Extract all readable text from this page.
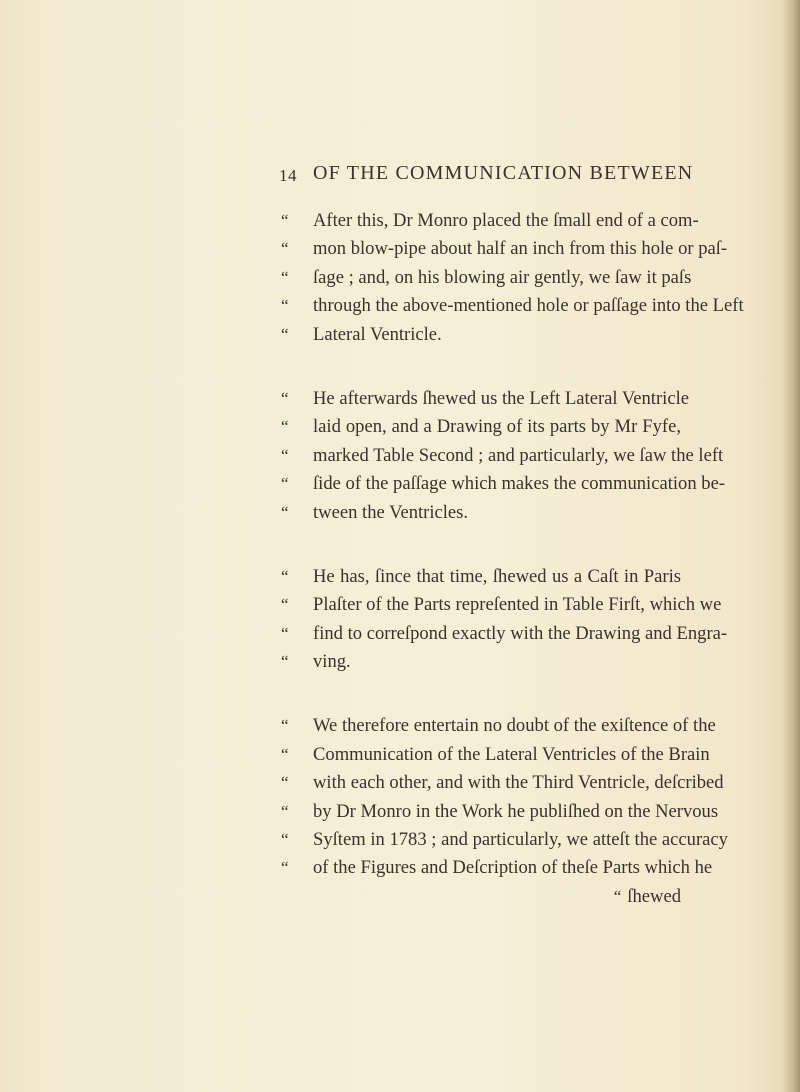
14 OF THE COMMUNICATION BETWEEN
“	After this, Dr Monro placed the ſmall end of a com-
“	mon blow-pipe about half an inch from this hole or paſ-
“	ſage ; and, on his blowing air gently, we ſaw it paſs
“	through the above-mentioned hole or paſſage into the Left
“	Lateral Ventricle.
“	He afterwards ſhewed us the Left Lateral Ventricle
“	laid open, and a Drawing of its parts by Mr Fyfe,
“	marked Table Second ; and particularly, we ſaw the left
“	ſide of the paſſage which makes the communication be-
“	tween the Ventricles.
“	He has, ſince that time, ſhewed us a Caſt in Paris
“	Plaſter of the Parts repreſented in Table Firſt, which we
“	find to correſpond exactly with the Drawing and Engra-
“	ving.
“	We therefore entertain no doubt of the exiſtence of the
“	Communication of the Lateral Ventricles of the Brain
“	with each other, and with the Third Ventricle, deſcribed
“	by Dr Monro in the Work he publiſhed on the Nervous
“	Syſtem in 1783 ; and particularly, we atteſt the accuracy
“	of the Figures and Deſcription of theſe Parts which he
“ ſhewed
